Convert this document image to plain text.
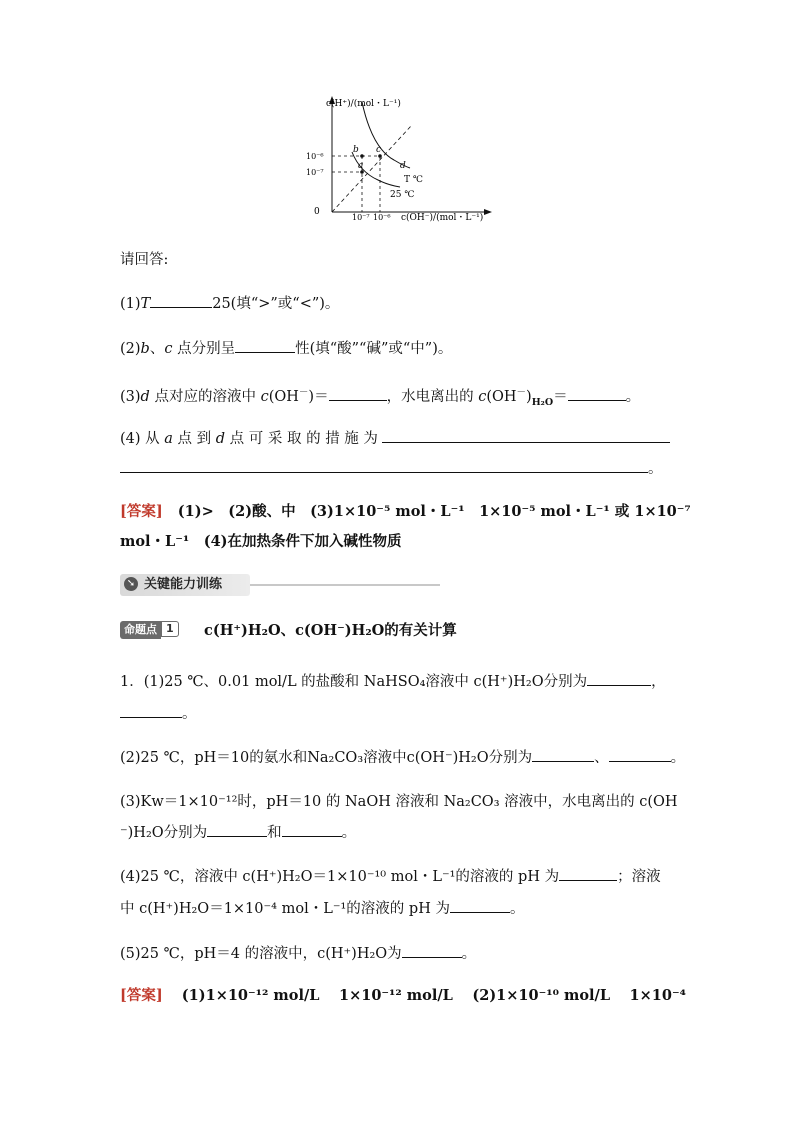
c(H⁺)/(mol・L⁻¹)
c(OH⁻)/(mol・L⁻¹)
0
a
b c
d
T ℃
25 ℃
10⁻⁶
10⁻⁷
10⁻⁷ 10⁻⁶
请回答:
(1)T	25(填“>”或“<”)。
(2)b、c 点分别呈	性(填“酸”“碱”或“中”)。
(3)d 点对应的溶液中 c(OH－)＝	，水电离出的 $c(OH^-)_{H_2O}=$	。
(4) 从 a 点 到 d 点 可 采 取 的 措 施 为
。
[答案] (1)>　(2)酸、中　(3)1×10⁻⁵ mol・L⁻¹　1×10⁻⁵ mol・L⁻¹ 或 1×10⁻⁷
mol・L⁻¹　(4)在加热条件下加入碱性物质
➘ 关键能力训练
命题点 1	c(H⁺)H₂O、c(OH⁻)H₂O的有关计算
1．(1)25 ℃、0.01 mol/L 的盐酸和 NaHSO₄溶液中 c(H⁺)H₂O分别为	，
。
(2)25 ℃，pH＝10的氨水和Na₂CO₃溶液中c(OH⁻)H₂O分别为	、	。
(3)Kw＝1×10⁻¹²时，pH＝10 的 NaOH 溶液和 Na₂CO₃ 溶液中，水电离出的 c(OH
⁻)H₂O分别为	和	。
(4)25 ℃，溶液中 c(H⁺)H₂O＝1×10⁻¹⁰ mol・L⁻¹的溶液的 pH 为	；溶液
中 c(H⁺)H₂O＝1×10⁻⁴ mol・L⁻¹的溶液的 pH 为	。
(5)25 ℃，pH＝4 的溶液中，c(H⁺)H₂O为	。
[答案] (1)1×10⁻¹² mol/L　 1×10⁻¹² mol/L　 (2)1×10⁻¹⁰ mol/L　 1×10⁻⁴
